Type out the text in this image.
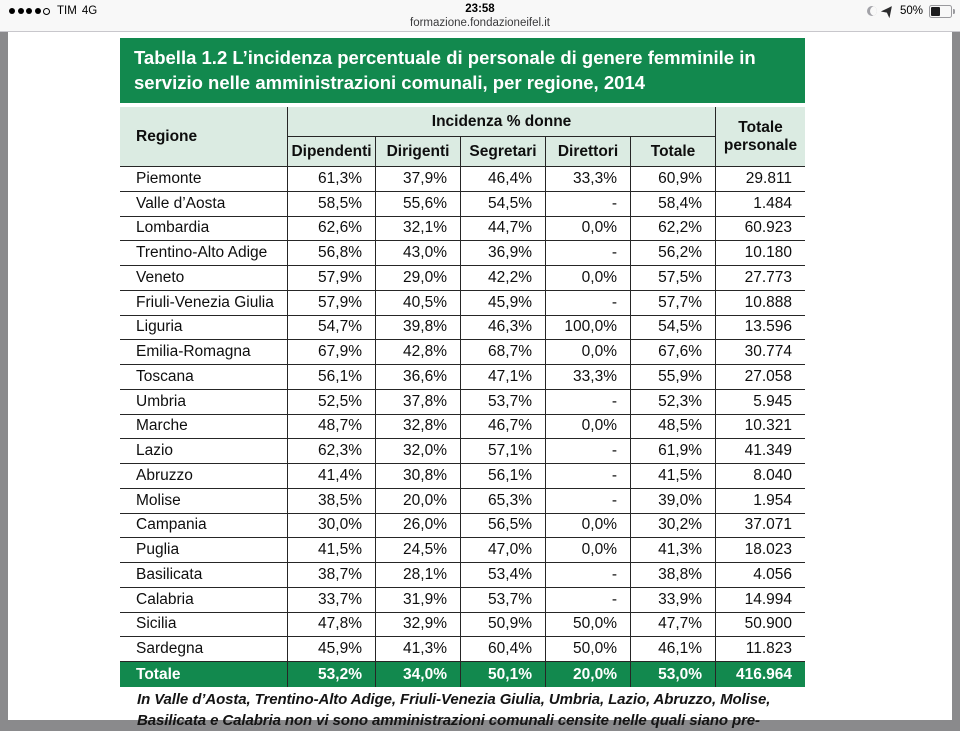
TIM 4G	23:58
formazione.fondazioneifel.it
50%
Tabella 1.2 L’incidenza percentuale di personale di genere femminile in servizio nelle amministrazioni comunali, per regione, 2014
Regione	Incidenza % donne					Totale personale
	Dipendenti	Dirigenti	Segretari	Direttori	Totale	
Piemonte	61,3%	37,9%	46,4%	33,3%	60,9%	29.811
Valle d’Aosta	58,5%	55,6%	54,5%	-	58,4%	1.484
Lombardia	62,6%	32,1%	44,7%	0,0%	62,2%	60.923
Trentino-Alto Adige	56,8%	43,0%	36,9%	-	56,2%	10.180
Veneto	57,9%	29,0%	42,2%	0,0%	57,5%	27.773
Friuli-Venezia Giulia	57,9%	40,5%	45,9%	-	57,7%	10.888
Liguria	54,7%	39,8%	46,3%	100,0%	54,5%	13.596
Emilia-Romagna	67,9%	42,8%	68,7%	0,0%	67,6%	30.774
Toscana	56,1%	36,6%	47,1%	33,3%	55,9%	27.058
Umbria	52,5%	37,8%	53,7%	-	52,3%	5.945
Marche	48,7%	32,8%	46,7%	0,0%	48,5%	10.321
Lazio	62,3%	32,0%	57,1%	-	61,9%	41.349
Abruzzo	41,4%	30,8%	56,1%	-	41,5%	8.040
Molise	38,5%	20,0%	65,3%	-	39,0%	1.954
Campania	30,0%	26,0%	56,5%	0,0%	30,2%	37.071
Puglia	41,5%	24,5%	47,0%	0,0%	41,3%	18.023
Basilicata	38,7%	28,1%	53,4%	-	38,8%	4.056
Calabria	33,7%	31,9%	53,7%	-	33,9%	14.994
Sicilia	47,8%	32,9%	50,9%	50,0%	47,7%	50.900
Sardegna	45,9%	41,3%	60,4%	50,0%	46,1%	11.823
Totale	53,2%	34,0%	50,1%	20,0%	53,0%	416.964
In Valle d’Aosta, Trentino-Alto Adige, Friuli-Venezia Giulia, Umbria, Lazio, Abruzzo, Molise, Basilicata e Calabria non vi sono amministrazioni comunali censite nelle quali siano pre-
